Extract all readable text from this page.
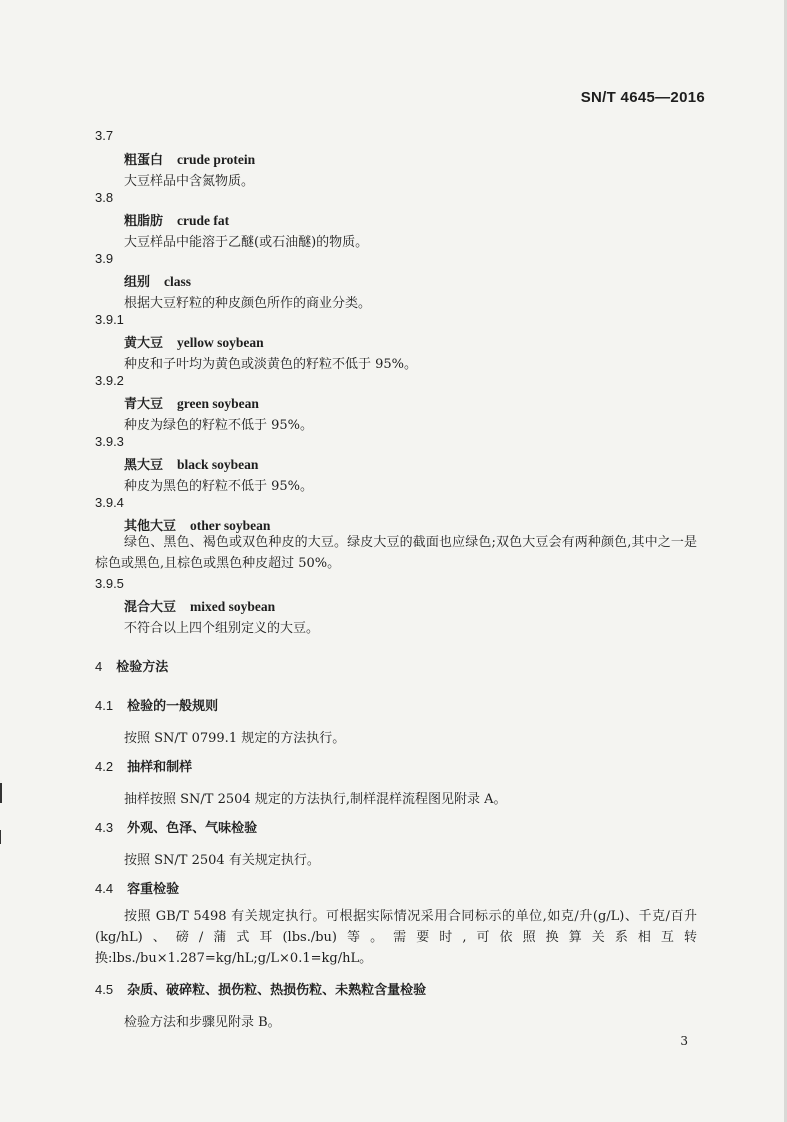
SN/T 4645—2016
3.7
粗蛋白 crude protein
大豆样品中含氮物质。
3.8
粗脂肪 crude fat
大豆样品中能溶于乙醚(或石油醚)的物质。
3.9
组别 class
根据大豆籽粒的种皮颜色所作的商业分类。
3.9.1
黄大豆 yellow soybean
种皮和子叶均为黄色或淡黄色的籽粒不低于 95%。
3.9.2
青大豆 green soybean
种皮为绿色的籽粒不低于 95%。
3.9.3
黑大豆 black soybean
种皮为黑色的籽粒不低于 95%。
3.9.4
其他大豆 other soybean
绿色、黑色、褐色或双色种皮的大豆。绿皮大豆的截面也应绿色;双色大豆会有两种颜色,其中之一是棕色或黑色,且棕色或黑色种皮超过 50%。
3.9.5
混合大豆 mixed soybean
不符合以上四个组别定义的大豆。
4 检验方法
4.1 检验的一般规则
按照 SN/T 0799.1 规定的方法执行。
4.2 抽样和制样
抽样按照 SN/T 2504 规定的方法执行,制样混样流程图见附录 A。
4.3 外观、色泽、气味检验
按照 SN/T 2504 有关规定执行。
4.4 容重检验
按照 GB/T 5498 有关规定执行。可根据实际情况采用合同标示的单位,如克/升(g/L)、千克/百升(kg/hL)、磅/蒲式耳(lbs./bu)等。需要时,可依照换算关系相互转换:lbs./bu×1.287=kg/hL;g/L×0.1=kg/hL。
4.5 杂质、破碎粒、损伤粒、热损伤粒、未熟粒含量检验
检验方法和步骤见附录 B。
3
